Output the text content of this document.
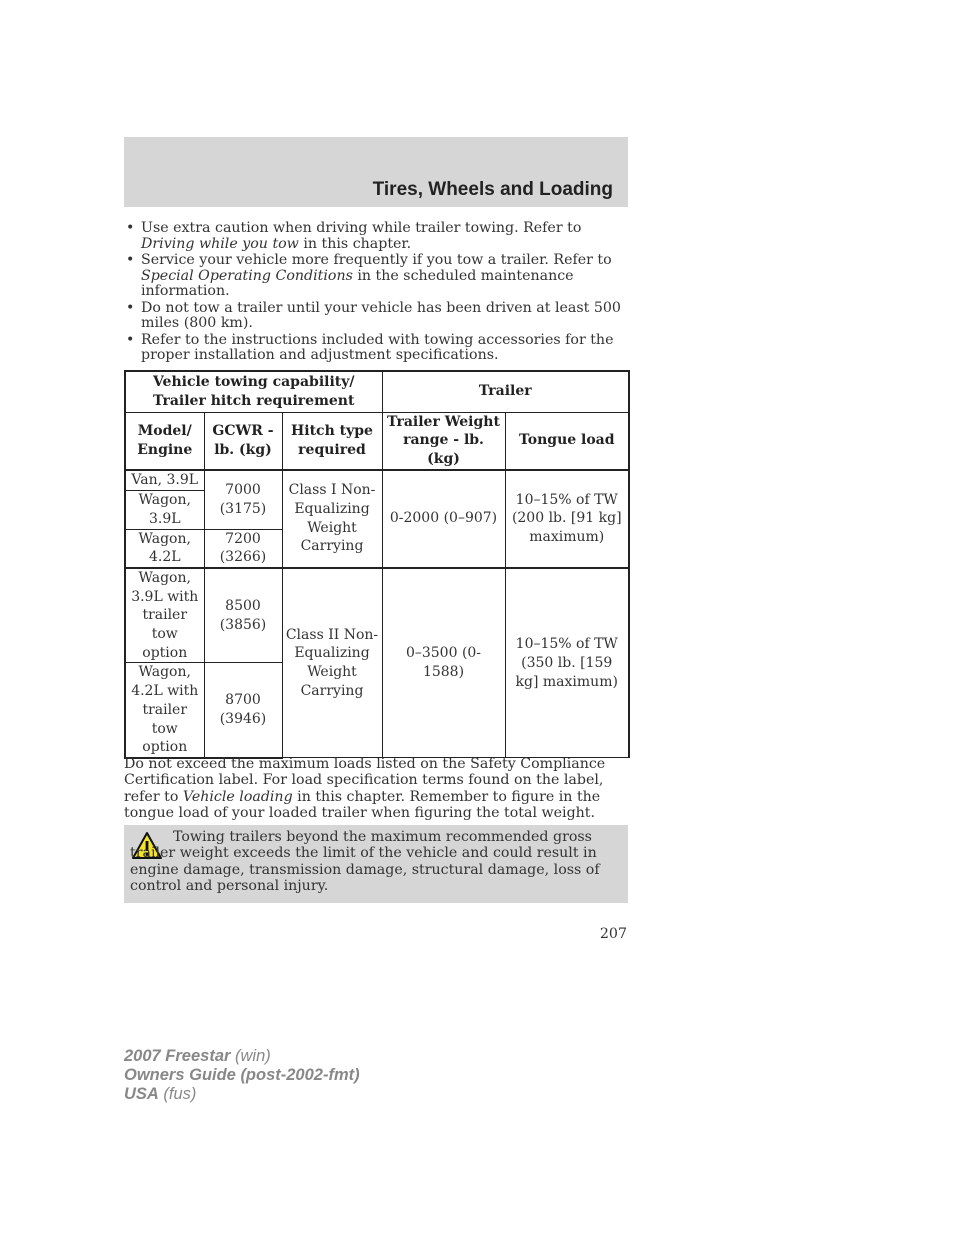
Tires, Wheels and Loading
• Use extra caution when driving while trailer towing. Refer to Driving while you tow in this chapter.
• Service your vehicle more frequently if you tow a trailer. Refer to Special Operating Conditions in the scheduled maintenance information.
• Do not tow a trailer until your vehicle has been driven at least 500 miles (800 km).
• Refer to the instructions included with towing accessories for the proper installation and adjustment specifications.
Vehicle towing capability/ Trailer hitch requirement			Trailer	
Model/ Engine	GCWR - lb. (kg)	Hitch type required	Trailer Weight range - lb. (kg)	Tongue load
Van, 3.9L	7000 (3175)	Class I Non-Equalizing Weight Carrying	0-2000 (0–907)	10–15% of TW (200 lb. [91 kg] maximum)
Wagon, 3.9L				
Wagon, 4.2L	7200 (3266)			
Wagon, 3.9L with trailer tow option	8500 (3856)	Class II Non-Equalizing Weight Carrying	0–3500 (0-1588)	10–15% of TW (350 lb. [159 kg] maximum)
Wagon, 4.2L with trailer tow option	8700 (3946)			
Do not exceed the maximum loads listed on the Safety Compliance Certification label. For load specification terms found on the label, refer to Vehicle loading in this chapter. Remember to figure in the tongue load of your loaded trailer when figuring the total weight.
Towing trailers beyond the maximum recommended gross trailer weight exceeds the limit of the vehicle and could result in engine damage, transmission damage, structural damage, loss of control and personal injury.
207
2007 Freestar (win)
Owners Guide (post-2002-fmt)
USA (fus)
